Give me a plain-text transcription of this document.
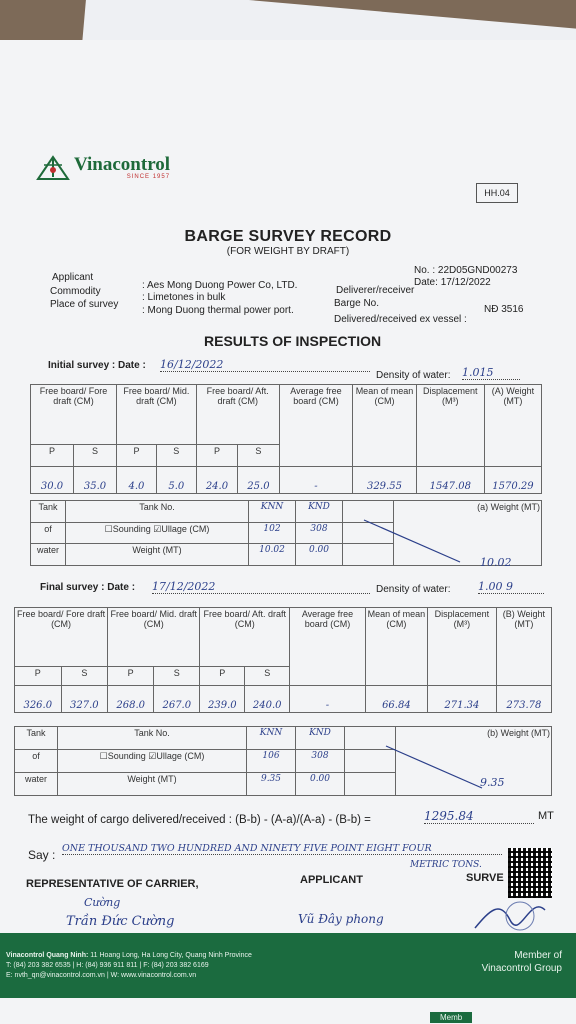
Vinacontrol
SINCE 1957
HH.04
BARGE SURVEY RECORD
(FOR WEIGHT BY DRAFT)
No. : 22D05GND00273
Date: 17/12/2022
Applicant
: Aes Mong Duong Power Co, LTD.
Commodity
: Limetones in bulk
Place of survey
: Mong Duong thermal power port.
Deliverer/receiver
Barge No.
NĐ 3516
Delivered/received ex vessel :
RESULTS OF INSPECTION
Initial survey : Date : 16/12/2022
Density of water: 1.015
Free board/ Fore draft (CM)		Free board/ Mid. draft (CM)		Free board/ Aft. draft (CM)		Average free board (CM)	Mean of mean (CM)	Displacement (M³)	(A) Weight (MT)
P	S	P	S	P	S				
30.0	35.0	4.0	5.0	24.0	25.0	-	329.55	1547.08	1570.29
Tank	Tank No.	KNN	KND		(a) Weight (MT)
of	☐Sounding ☑Ullage (CM)	102	308		
water	Weight (MT)	10.02	0.00		
10.02
Final survey : Date : 17/12/2022	Density of water:	1.00 9
Free board/ Fore draft (CM)		Free board/ Mid. draft (CM)		Free board/ Aft. draft (CM)		Average free board (CM)	Mean of mean (CM)	Displacement (M³)	(B) Weight (MT)
P	S	P	S	P	S				
326.0	327.0	268.0	267.0	239.0	240.0	-	66.84	271.34	273.78
Tank	Tank No.	KNN	KND		(b) Weight (MT)
of	☐Sounding ☑Ullage (CM)	106	308		
water	Weight (MT)	9.35	0.00			9.35
The weight of cargo delivered/received : (B-b) - (A-a)/(A-a) - (B-b) =	1295.84	MT
Say : ONE THOUSAND TWO HUNDRED AND NINETY FIVE POINT EIGHT FOUR
METRIC TONS.
REPRESENTATIVE OF CARRIER,	APPLICANT	SURVE
Cường
Trần Đức Cường	Vũ Đây phong
Vinacontrol Quang Ninh: 11 Hoang Long, Ha Long City, Quang Ninh Province
T: (84) 203 382 6535 | H: (84) 936 911 811 | F: (84) 203 382 6169
E: nvth_qn@vinacontrol.com.vn | W: www.vinacontrol.com.vn
Member of
Vinacontrol Group
Memb
